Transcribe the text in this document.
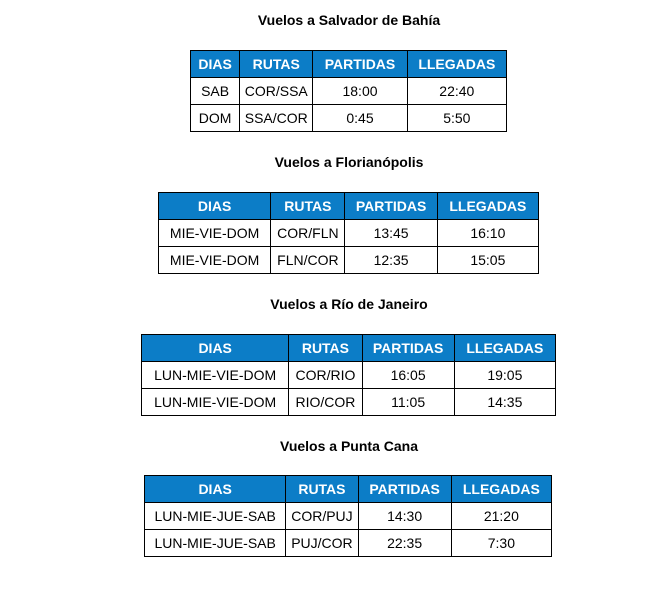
Vuelos a Salvador de Bahía
DIAS	RUTAS	PARTIDAS	LLEGADAS
SAB	COR/SSA	18:00	22:40
DOM	SSA/COR	0:45	5:50
Vuelos a Florianópolis
DIAS	RUTAS	PARTIDAS	LLEGADAS
MIE-VIE-DOM	COR/FLN	13:45	16:10
MIE-VIE-DOM	FLN/COR	12:35	15:05
Vuelos a Río de Janeiro
DIAS	RUTAS	PARTIDAS	LLEGADAS
LUN-MIE-VIE-DOM	COR/RIO	16:05	19:05
LUN-MIE-VIE-DOM	RIO/COR	11:05	14:35
Vuelos a Punta Cana
DIAS	RUTAS	PARTIDAS	LLEGADAS
LUN-MIE-JUE-SAB	COR/PUJ	14:30	21:20
LUN-MIE-JUE-SAB	PUJ/COR	22:35	7:30
